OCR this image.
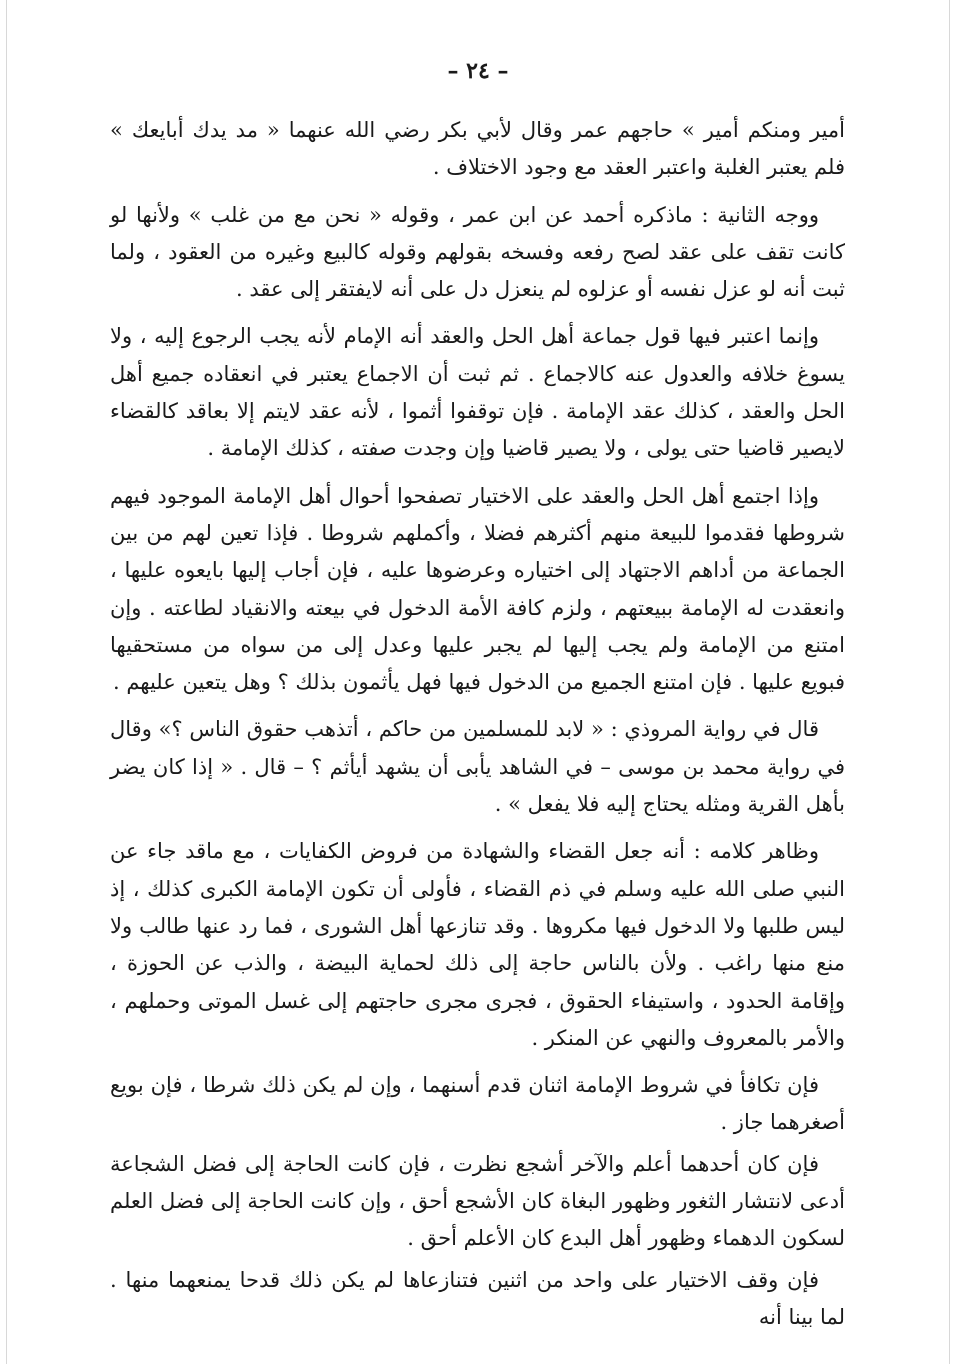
– ٢٤ –

أمير ومنكم أمير » حاجهم عمر وقال لأبي بكر رضي الله عنهما « مد يدك أبايعك » فلم يعتبر الغلبة واعتبر العقد مع وجود الاختلاف .

ووجه الثانية : ماذكره أحمد عن ابن عمر ، وقوله « نحن مع من غلب » ولأنها لو كانت تقف على عقد لصح رفعه وفسخه بقولهم وقوله كالبيع وغيره من العقود ، ولما ثبت أنه لو عزل نفسه أو عزلوه لم ينعزل دل على أنه لايفتقر إلى عقد .

وإنما اعتبر فيها قول جماعة أهل الحل والعقد أنه الإمام لأنه يجب الرجوع إليه ، ولا يسوغ خلافه والعدول عنه كالاجماع . ثم ثبت أن الاجماع يعتبر في انعقاده جميع أهل الحل والعقد ، كذلك عقد الإمامة . فإن توقفوا أثموا ، لأنه عقد لايتم إلا بعاقد كالقضاء لايصير قاضيا حتى يولى ، ولا يصير قاضيا وإن وجدت صفته ، كذلك الإمامة .

وإذا اجتمع أهل الحل والعقد على الاختيار تصفحوا أحوال أهل الإمامة الموجود فيهم شروطها فقدموا للبيعة منهم أكثرهم فضلا ، وأكملهم شروطا . فإذا تعين لهم من بين الجماعة من أداهم الاجتهاد إلى اختياره وعرضوها عليه ، فإن أجاب إليها بايعوه عليها ، وانعقدت له الإمامة ببيعتهم ، ولزم كافة الأمة الدخول في بيعته والانقياد لطاعته . وإن امتنع من الإمامة ولم يجب إليها لم يجبر عليها وعدل إلى من سواه من مستحقيها فبويع عليها . فإن امتنع الجميع من الدخول فيها فهل يأثمون بذلك ؟ وهل يتعين عليهم .

قال في رواية المروذي : « لابد للمسلمين من حاكم ، أتذهب حقوق الناس ؟» وقال في رواية محمد بن موسى – في الشاهد يأبى أن يشهد أيأثم ؟ – قال . « إذا كان يضر بأهل القرية ومثله يحتاج إليه فلا يفعل » .

وظاهر كلامه : أنه جعل القضاء والشهادة من فروض الكفايات ، مع ماقد جاء عن النبي صلى الله عليه وسلم في ذم القضاء ، فأولى أن تكون الإمامة الكبرى كذلك ، إذ ليس طلبها ولا الدخول فيها مكروها . وقد تنازعها أهل الشورى ، فما رد عنها طالب ولا منع منها راغب . ولأن بالناس حاجة إلى ذلك لحماية البيضة ، والذب عن الحوزة ، وإقامة الحدود ، واستيفاء الحقوق ، فجرى مجرى حاجتهم إلى غسل الموتى وحملهم ، والأمر بالمعروف والنهي عن المنكر .

فإن تكافأ في شروط الإمامة اثنان قدم أسنهما ، وإن لم يكن ذلك شرطا ، فإن بويع أصغرهما جاز .

فإن كان أحدهما أعلم والآخر أشجع نظرت ، فإن كانت الحاجة إلى فضل الشجاعة أدعى لانتشار الثغور وظهور البغاة كان الأشجع أحق ، وإن كانت الحاجة إلى فضل العلم لسكون الدهماء وظهور أهل البدع كان الأعلم أحق .

فإن وقف الاختيار على واحد من اثنين فتنازعاها لم يكن ذلك قدحا يمنعهما منها . لما بينا أنه
